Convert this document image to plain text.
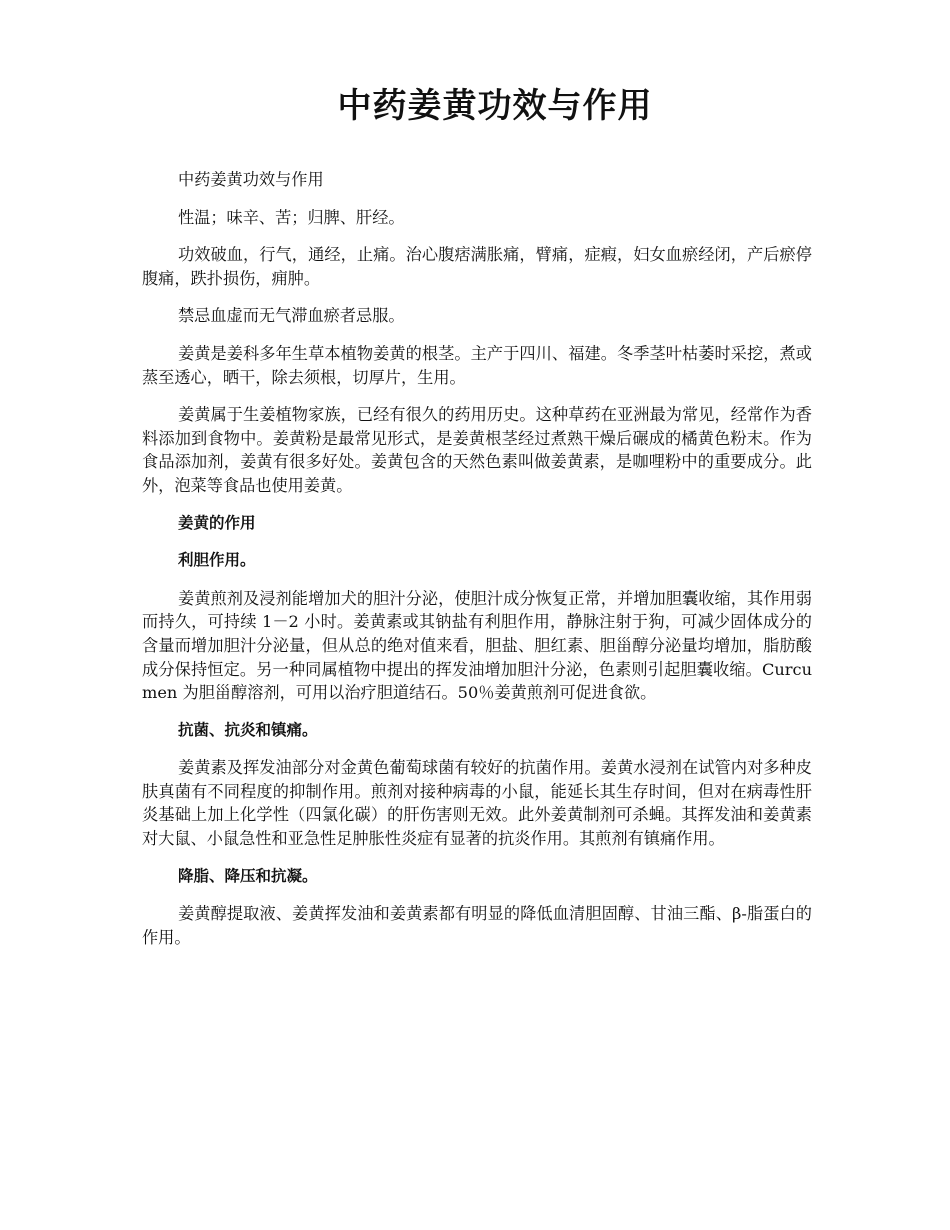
中药姜黄功效与作用

中药姜黄功效与作用

性温；味辛、苦；归脾、肝经。

功效破血，行气，通经，止痛。治心腹痞满胀痛，臂痛，症瘕，妇女血瘀经闭，产后瘀停腹痛，跌扑损伤，痈肿。

禁忌血虚而无气滞血瘀者忌服。

姜黄是姜科多年生草本植物姜黄的根茎。主产于四川、福建。冬季茎叶枯萎时采挖，煮或蒸至透心，晒干，除去须根，切厚片，生用。

姜黄属于生姜植物家族，已经有很久的药用历史。这种草药在亚洲最为常见，经常作为香料添加到食物中。姜黄粉是最常见形式，是姜黄根茎经过煮熟干燥后碾成的橘黄色粉末。作为食品添加剂，姜黄有很多好处。姜黄包含的天然色素叫做姜黄素，是咖哩粉中的重要成分。此外，泡菜等食品也使用姜黄。

姜黄的作用

利胆作用。

姜黄煎剂及浸剂能增加犬的胆汁分泌，使胆汁成分恢复正常，并增加胆囊收缩，其作用弱而持久，可持续 1－2 小时。姜黄素或其钠盐有利胆作用，静脉注射于狗，可减少固体成分的含量而增加胆汁分泌量，但从总的绝对值来看，胆盐、胆红素、胆甾醇分泌量均增加，脂肪酸成分保持恒定。另一种同属植物中提出的挥发油增加胆汁分泌，色素则引起胆囊收缩。Curcumen 为胆甾醇溶剂，可用以治疗胆道结石。50％姜黄煎剂可促进食欲。

抗菌、抗炎和镇痛。

姜黄素及挥发油部分对金黄色葡萄球菌有较好的抗菌作用。姜黄水浸剂在试管内对多种皮肤真菌有不同程度的抑制作用。煎剂对接种病毒的小鼠，能延长其生存时间，但对在病毒性肝炎基础上加上化学性（四氯化碳）的肝伤害则无效。此外姜黄制剂可杀蝇。其挥发油和姜黄素对大鼠、小鼠急性和亚急性足肿胀性炎症有显著的抗炎作用。其煎剂有镇痛作用。

降脂、降压和抗凝。

姜黄醇提取液、姜黄挥发油和姜黄素都有明显的降低血清胆固醇、甘油三酯、β-脂蛋白的作用。
